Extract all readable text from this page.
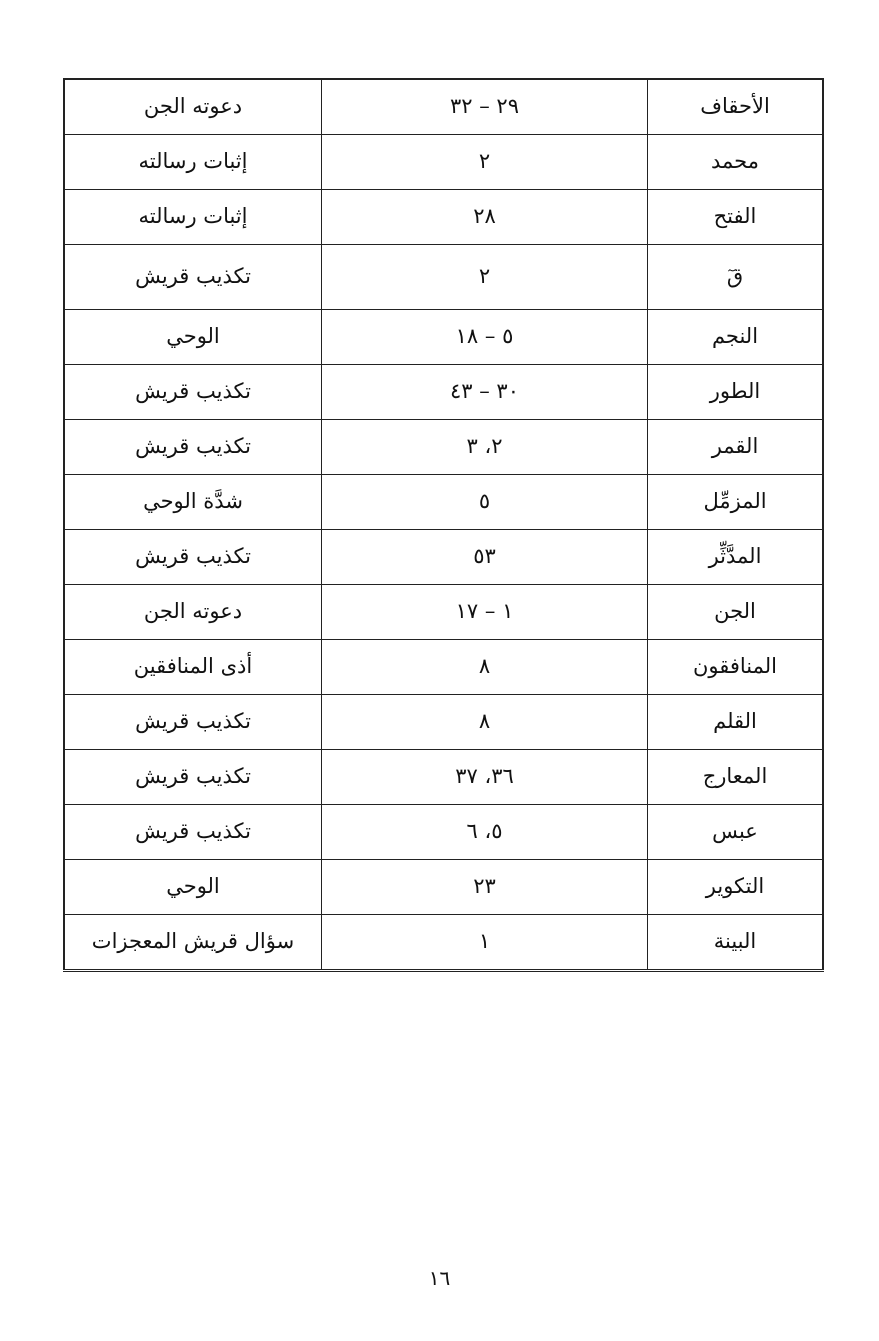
الأحقاف	٢٩ – ٣٢	دعوته الجن
محمد	٢	إثبات رسالته
الفتح	٢٨	إثبات رسالته
قٓ	٢	تكذيب قريش
النجم	٥ – ١٨	الوحي
الطور	٣٠ – ٤٣	تكذيب قريش
القمر	٢، ٣	تكذيب قريش
المزمِّل	٥	شدَّة الوحي
المدَّثِّر	٥٣	تكذيب قريش
الجن	١ – ١٧	دعوته الجن
المنافقون	٨	أذى المنافقين
القلم	٨	تكذيب قريش
المعارج	٣٦، ٣٧	تكذيب قريش
عبس	٥، ٦	تكذيب قريش
التكوير	٢٣	الوحي
البينة	١	سؤال قريش المعجزات
١٦
